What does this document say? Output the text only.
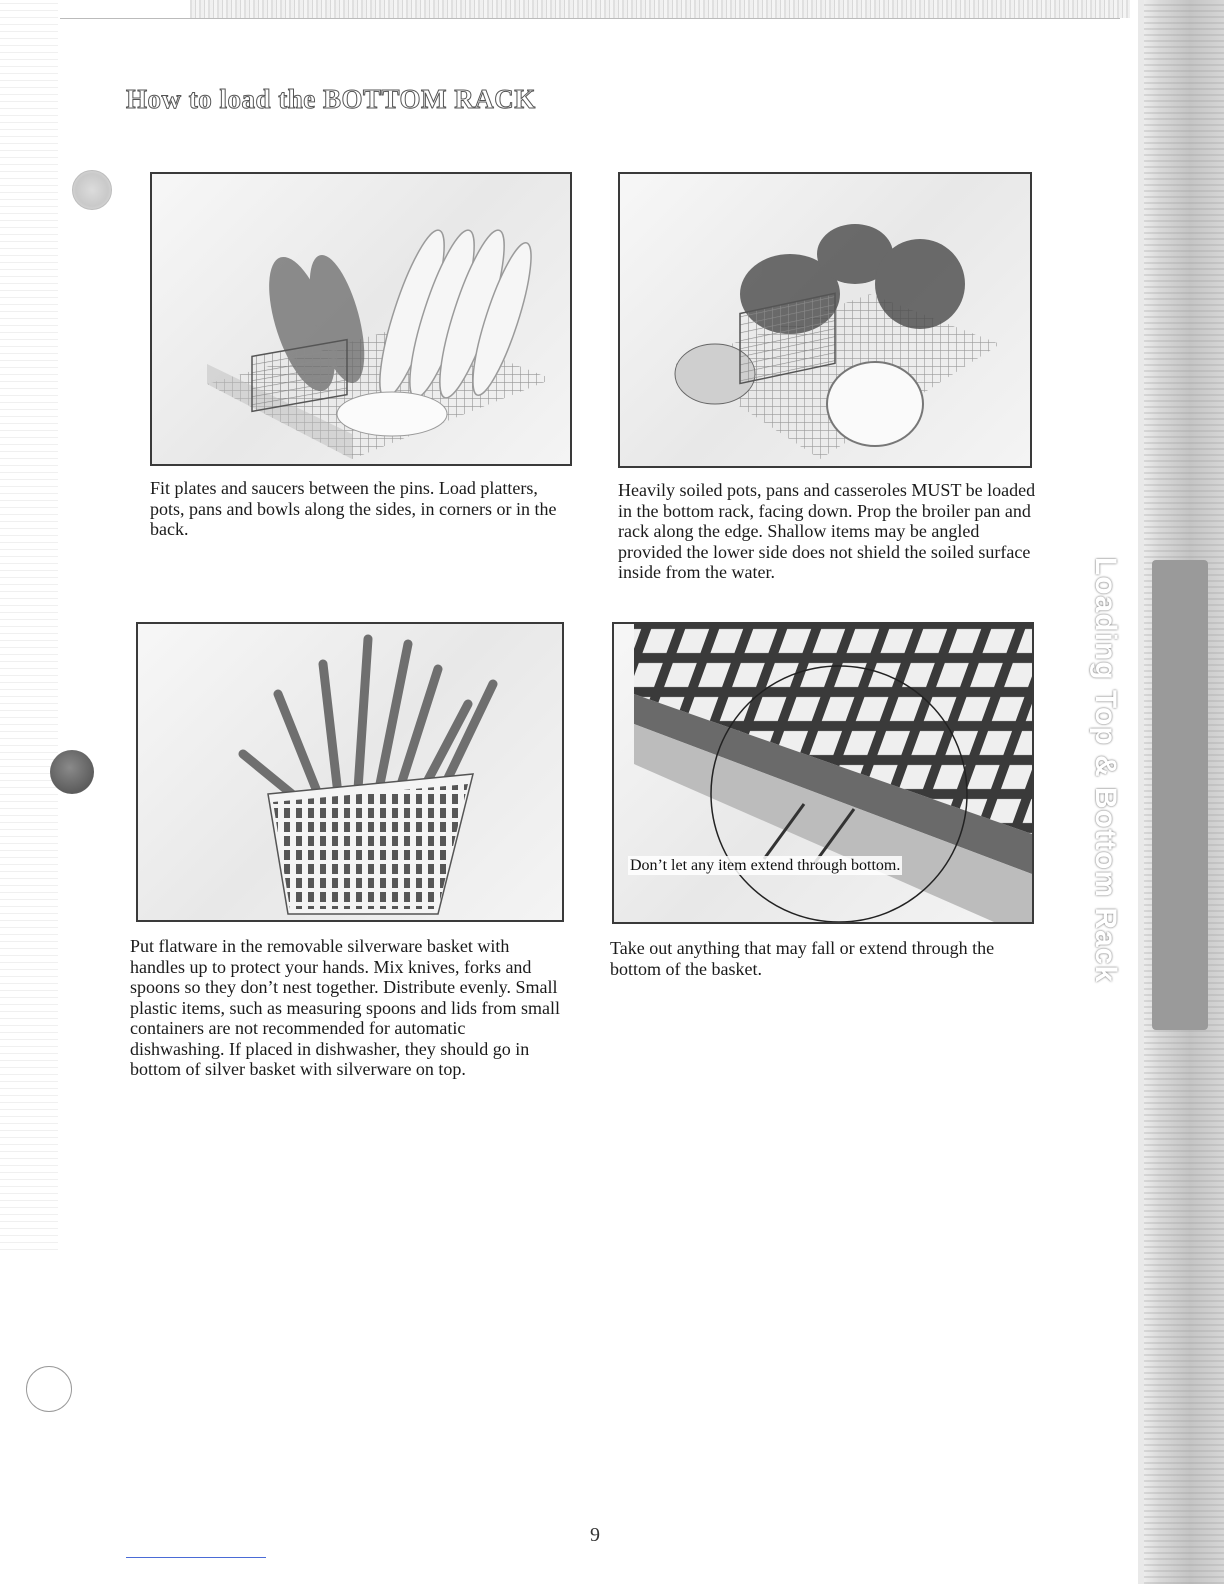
Loading Top & Bottom Rack
How to load the BOTTOM RACK
Don’t let any item extend through bottom.

Fit plates and saucers between the pins. Load platters, pots, pans and bowls along the sides, in corners or in the back.

Heavily soiled pots, pans and casseroles MUST be loaded in the bottom rack, facing down. Prop the broiler pan and rack along the edge. Shallow items may be angled provided the lower side does not shield the soiled surface inside from the water.

Put flatware in the removable silverware basket with handles up to protect your hands. Mix knives, forks and spoons so they don’t nest together. Distribute evenly. Small plastic items, such as measuring spoons and lids from small containers are not recommended for automatic dishwashing. If placed in dishwasher, they should go in bottom of silver basket with silverware on top.

Take out anything that may fall or extend through the bottom of the basket.

9
